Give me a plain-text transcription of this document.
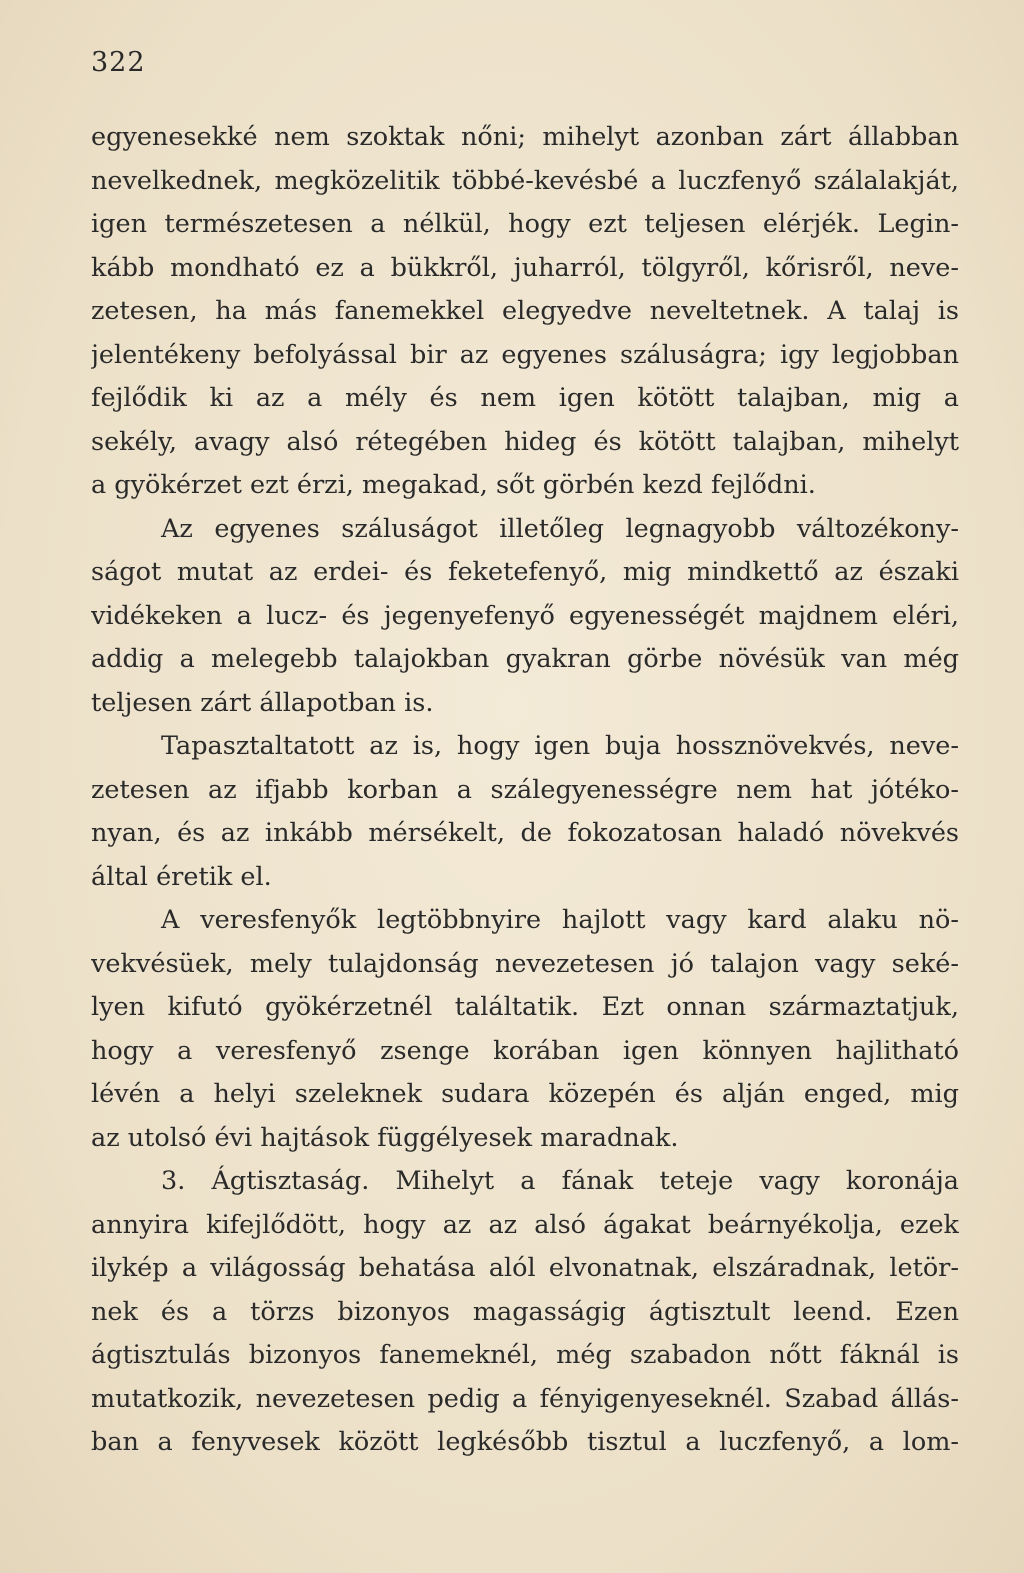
322
egyenesekké nem szoktak nőni; mihelyt azonban zárt állabban
nevelkednek, megközelitik többé-kevésbé a luczfenyő szálalakját,
igen természetesen a nélkül, hogy ezt teljesen elérjék. Legin-
kább mondható ez a bükkről, juharról, tölgyről, kőrisről, neve-
zetesen, ha más fanemekkel elegyedve neveltetnek. A talaj is
jelentékeny befolyással bir az egyenes száluságra; igy legjobban
fejlődik ki az a mély és nem igen kötött talajban, mig a
sekély, avagy alsó rétegében hideg és kötött talajban, mihelyt
a gyökérzet ezt érzi, megakad, sőt görbén kezd fejlődni.
Az egyenes száluságot illetőleg legnagyobb változékony-
ságot mutat az erdei- és feketefenyő, mig mindkettő az északi
vidékeken a lucz- és jegenyefenyő egyenességét majdnem eléri,
addig a melegebb talajokban gyakran görbe növésük van még
teljesen zárt állapotban is.
Tapasztaltatott az is, hogy igen buja hossznövekvés, neve-
zetesen az ifjabb korban a szálegyenességre nem hat jótéko-
nyan, és az inkább mérsékelt, de fokozatosan haladó növekvés
által éretik el.
A veresfenyők legtöbbnyire hajlott vagy kard alaku nö-
vekvésüek, mely tulajdonság nevezetesen jó talajon vagy seké-
lyen kifutó gyökérzetnél találtatik. Ezt onnan származtatjuk,
hogy a veresfenyő zsenge korában igen könnyen hajlitható
lévén a helyi szeleknek sudara közepén és alján enged, mig
az utolsó évi hajtások függélyesek maradnak.
3. Ágtisztaság. Mihelyt a fának teteje vagy koronája
annyira kifejlődött, hogy az az alsó ágakat beárnyékolja, ezek
ilykép a világosság behatása alól elvonatnak, elszáradnak, letör-
nek és a törzs bizonyos magasságig ágtisztult leend. Ezen
ágtisztulás bizonyos fanemeknél, még szabadon nőtt fáknál is
mutatkozik, nevezetesen pedig a fényigenyeseknél. Szabad állás-
ban a fenyvesek között legkésőbb tisztul a luczfenyő, a lom-
